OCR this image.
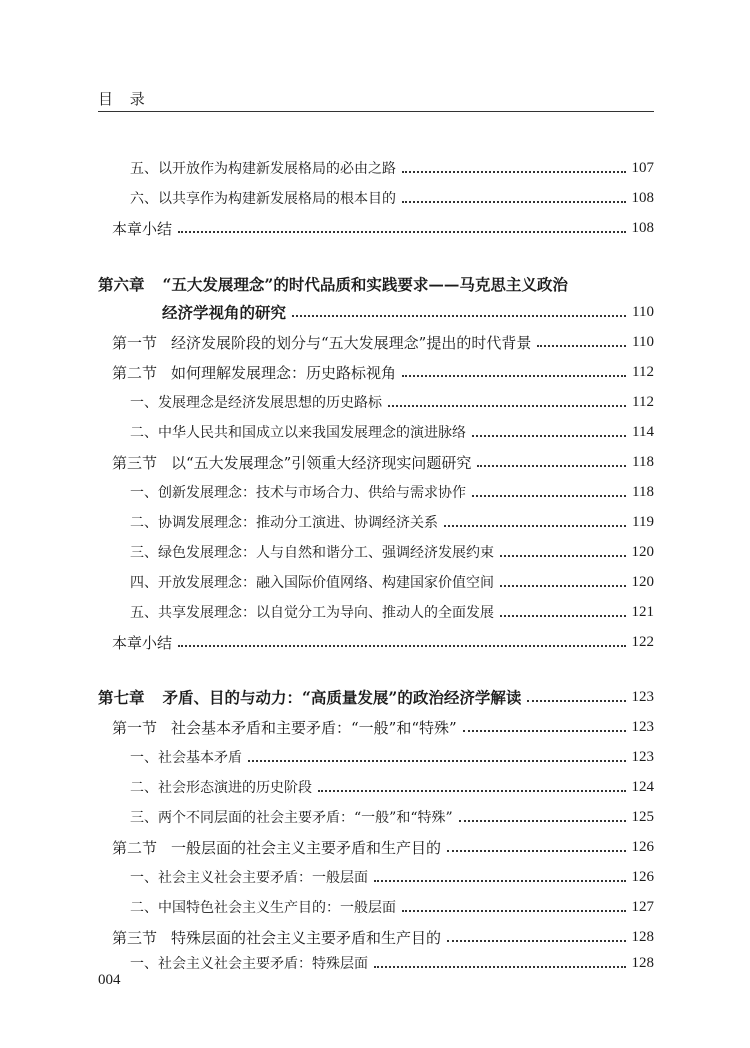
目 录
五、以开放作为构建新发展格局的必由之路	107
六、以共享作为构建新发展格局的根本目的	108
本章小结	108
第六章 “五大发展理念”的时代品质和实践要求——马克思主义政治
经济学视角的研究	110
第一节 经济发展阶段的划分与“五大发展理念”提出的时代背景	110
第二节 如何理解发展理念：历史路标视角	112
一、发展理念是经济发展思想的历史路标	112
二、中华人民共和国成立以来我国发展理念的演进脉络	114
第三节 以“五大发展理念”引领重大经济现实问题研究	118
一、创新发展理念：技术与市场合力、供给与需求协作	118
二、协调发展理念：推动分工演进、协调经济关系	119
三、绿色发展理念：人与自然和谐分工、强调经济发展约束	120
四、开放发展理念：融入国际价值网络、构建国家价值空间	120
五、共享发展理念：以自觉分工为导向、推动人的全面发展	121
本章小结	122
第七章 矛盾、目的与动力：“高质量发展”的政治经济学解读	123
第一节 社会基本矛盾和主要矛盾：“一般”和“特殊”	123
一、社会基本矛盾	123
二、社会形态演进的历史阶段	124
三、两个不同层面的社会主要矛盾：“一般”和“特殊”	125
第二节 一般层面的社会主义主要矛盾和生产目的	126
一、社会主义社会主要矛盾：一般层面	126
二、中国特色社会主义生产目的：一般层面	127
第三节 特殊层面的社会主义主要矛盾和生产目的	128
一、社会主义社会主要矛盾：特殊层面	128
004
